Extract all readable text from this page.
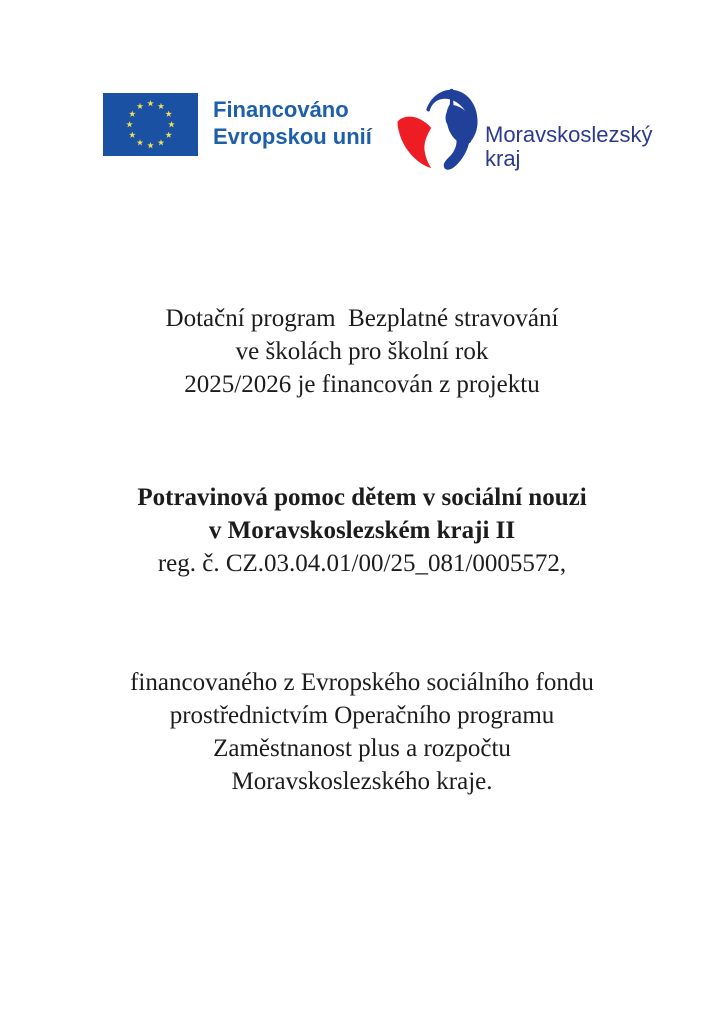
Financováno
Evropskou unií	Moravskoslezský
kraj
Dotační program  Bezplatné stravování
ve školách pro školní rok
2025/2026 je financován z projektu
Potravinová pomoc dětem v sociální nouzi
v Moravskoslezském kraji II
reg. č. CZ.03.04.01/00/25_081/0005572,
financovaného z Evropského sociálního fondu
prostřednictvím Operačního programu
Zaměstnanost plus a rozpočtu
Moravskoslezského kraje.
